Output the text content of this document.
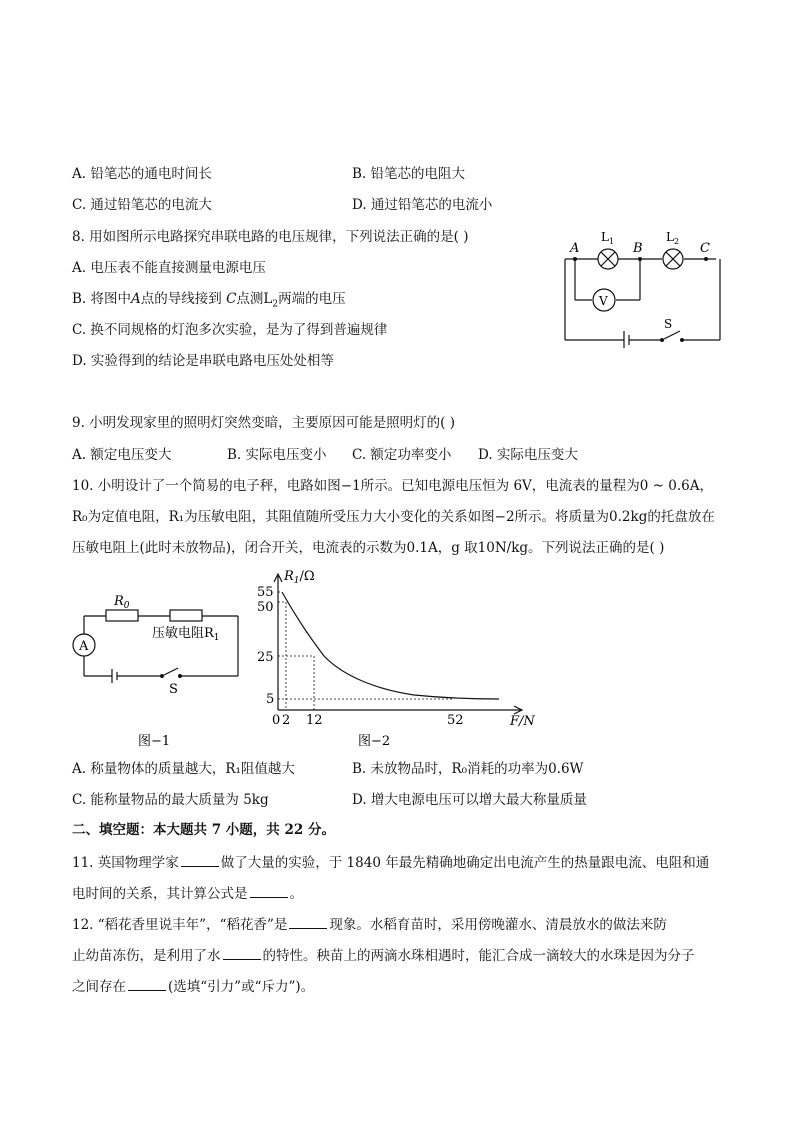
A. 铅笔芯的通电时间长	B. 铅笔芯的电阻大
C. 通过铅笔芯的电流大	D. 通过铅笔芯的电流小
8. 用如图所示电路探究串联电路的电压规律，下列说法正确的是( )
A. 电压表不能直接测量电源电压
B. 将图中A点的导线接到 C点测$L_2$两端的电压
C. 换不同规格的灯泡多次实验，是为了得到普遍规律
D. 实验得到的结论是串联电路电压处处相等
A	B	C
$L_1$	$L_2$
V
S
9. 小明发现家里的照明灯突然变暗，主要原因可能是照明灯的( )
A. 额定电压变大	B. 实际电压变小 C. 额定功率变小 D. 实际电压变大
10. 小明设计了一个简易的电子秤，电路如图−1所示。已知电源电压恒为 6V，电流表的量程为0 ~ 0.6A，
R₀为定值电阻，R₁为压敏电阻，其阻值随所受压力大小变化的关系如图−2所示。将质量为0.2kg的托盘放在
压敏电阻上(此时未放物品)，闭合开关，电流表的示数为0.1A，g 取10N/kg。下列说法正确的是( )
$R_0$
压敏电阻$R_1$
A
S
图−1
$R_1/\Omega$
55
50
25
5
0 2 12	52	F/N
图−2
A. 称量物体的质量越大，R₁阻值越大	B. 未放物品时，R₀消耗的功率为0.6W
C. 能称量物品的最大质量为 5kg	D. 增大电源电压可以增大最大称量质量
二、填空题：本大题共 7 小题，共 22 分。
11. 英国物理学家	做了大量的实验，于 1840 年最先精确地确定出电流产生的热量跟电流、电阻和通
电时间的关系，其计算公式是	。
12. “稻花香里说丰年”，“稻花香”是	现象。水稻育苗时，采用傍晚灌水、清晨放水的做法来防
止幼苗冻伤，是利用了水	的特性。秧苗上的两滴水珠相遇时，能汇合成一滴较大的水珠是因为分子
之间存在	(选填“引力”或“斥力”)。
